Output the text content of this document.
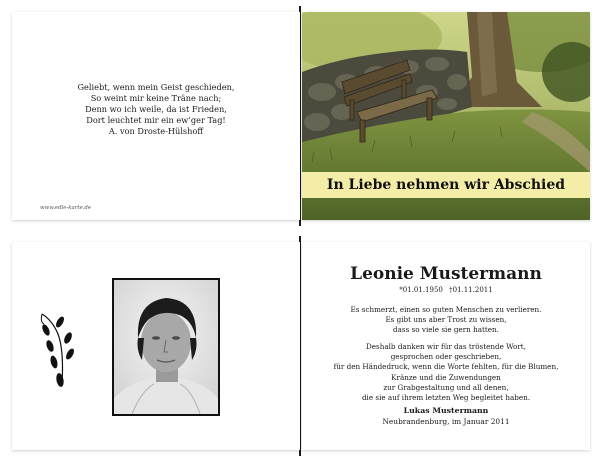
Geliebt, wenn mein Geist geschieden,
So weint mir keine Träne nach;
Denn wo ich weile, da ist Frieden,
Dort leuchtet mir ein ew’ger Tag!
A. von Droste-Hülshoff
www.edle-karte.de
In Liebe nehmen wir Abschied
Leonie Mustermann
*01.01.1950 †01.11.2011
Es schmerzt, einen so guten Menschen zu verlieren.
Es gibt uns aber Trost zu wissen,
dass so viele sie gern hatten.
Deshalb danken wir für das tröstende Wort,
gesprochen oder geschrieben,
für den Händedruck, wenn die Worte fehlten, für die Blumen,
Kränze und die Zuwendungen
zur Grabgestaltung und all denen,
die sie auf ihrem letzten Weg begleitet haben.
Lukas Mustermann
Neubrandenburg, im Januar 2011
